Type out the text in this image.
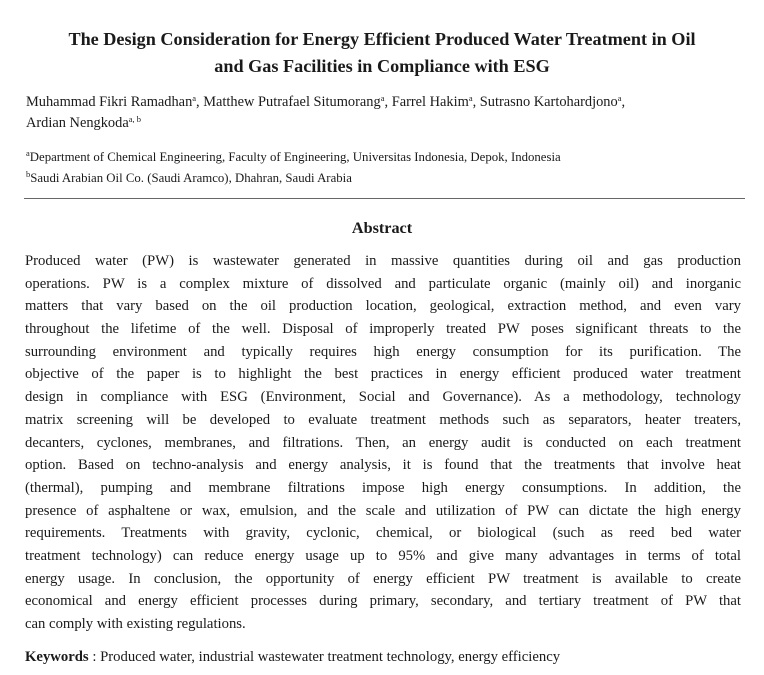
The Design Consideration for Energy Efficient Produced Water Treatment in Oil
and Gas Facilities in Compliance with ESG
Muhammad Fikri Ramadhan$^a$, Matthew Putrafael Situmorang$^a$, Farrel Hakim$^a$, Sutrasno Kartohardjono$^a$,
Ardian Nengkoda$^{a, b}$
$^a$Department of Chemical Engineering, Faculty of Engineering, Universitas Indonesia, Depok, Indonesia
$^b$Saudi Arabian Oil Co. (Saudi Aramco), Dhahran, Saudi Arabia
Abstract
Produced water (PW) is wastewater generated in massive quantities during oil and gas production
operations. PW is a complex mixture of dissolved and particulate organic (mainly oil) and inorganic
matters that vary based on the oil production location, geological, extraction method, and even vary
throughout the lifetime of the well. Disposal of improperly treated PW poses significant threats to the
surrounding environment and typically requires high energy consumption for its purification. The
objective of the paper is to highlight the best practices in energy efficient produced water treatment
design in compliance with ESG (Environment, Social and Governance). As a methodology, technology
matrix screening will be developed to evaluate treatment methods such as separators, heater treaters,
decanters, cyclones, membranes, and filtrations. Then, an energy audit is conducted on each treatment
option. Based on techno-analysis and energy analysis, it is found that the treatments that involve heat
(thermal), pumping and membrane filtrations impose high energy consumptions. In addition, the
presence of asphaltene or wax, emulsion, and the scale and utilization of PW can dictate the high energy
requirements. Treatments with gravity, cyclonic, chemical, or biological (such as reed bed water
treatment technology) can reduce energy usage up to 95% and give many advantages in terms of total
energy usage. In conclusion, the opportunity of energy efficient PW treatment is available to create
economical and energy efficient processes during primary, secondary, and tertiary treatment of PW that
can comply with existing regulations.
Keywords : Produced water, industrial wastewater treatment technology, energy efficiency
